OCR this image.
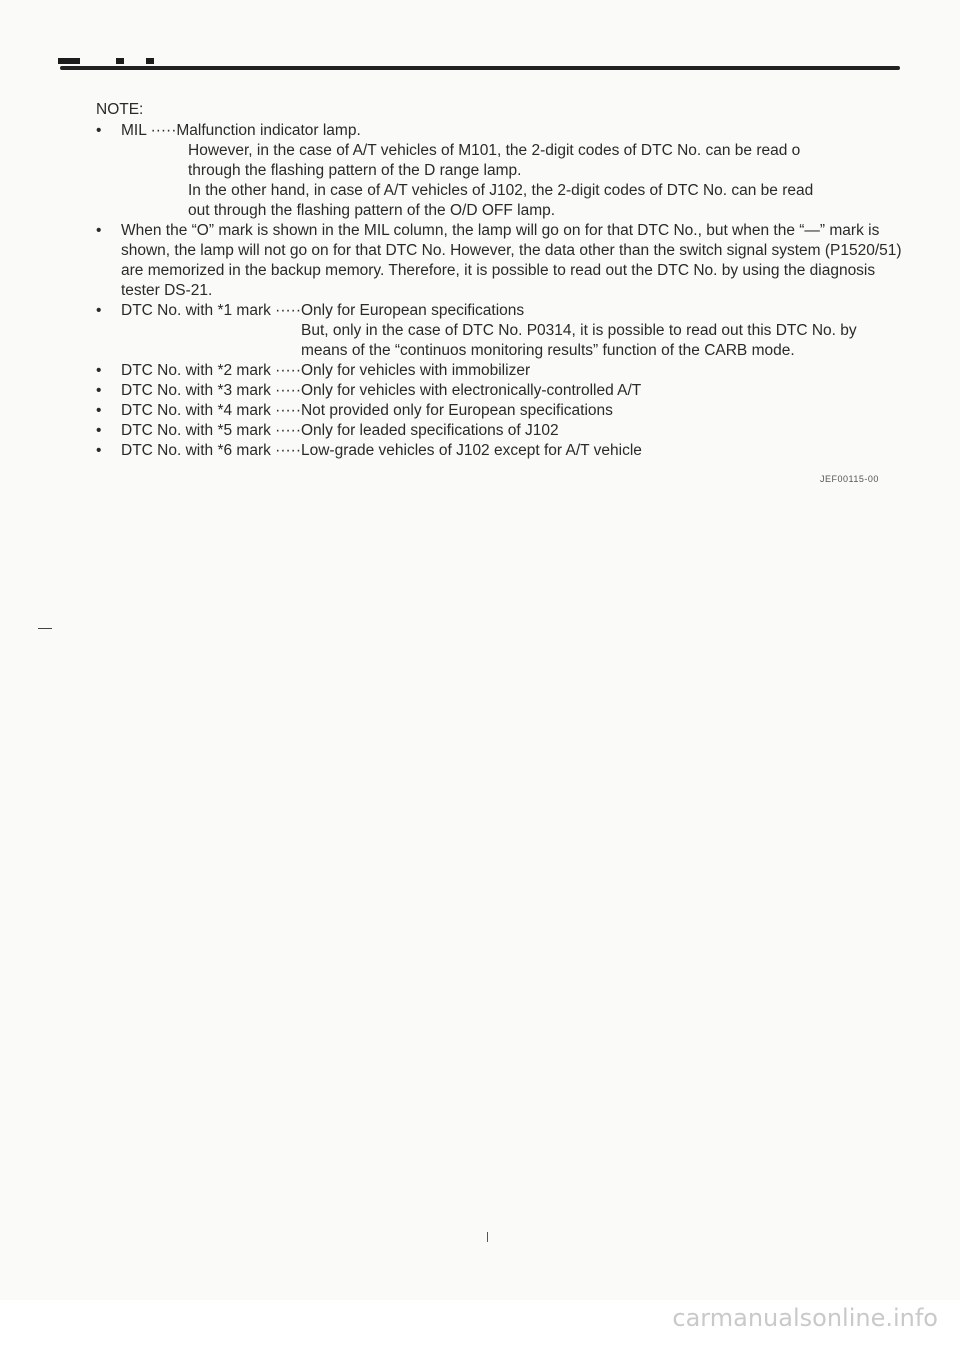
NOTE:

•	MIL ····· Malfunction indicator lamp.

However, in the case of A/T vehicles of M101, the 2-digit codes of DTC No. can be read o

through the flashing pattern of the D range lamp.

In the other hand, in case of A/T vehicles of J102, the 2-digit codes of DTC No. can be read

out through the flashing pattern of the O/D OFF lamp.

•	When the “O” mark is shown in the MIL column, the lamp will go on for that DTC No., but when the “—” mark is shown, the lamp will not go on for that DTC No. However, the data other than the switch signal system (P1520/51) are memorized in the backup memory. Therefore, it is possible to read out the DTC No. by using the diagnosis tester DS-21.

•	DTC No. with *1 mark ····· Only for European specifications

But, only in the case of DTC No. P0314, it is possible to read out this DTC No. by means of the “continuos monitoring results” function of the CARB mode.

•	DTC No. with *2 mark ····· Only for vehicles with immobilizer
•	DTC No. with *3 mark ····· Only for vehicles with electronically-controlled A/T
•	DTC No. with *4 mark ····· Not provided only for European specifications
•	DTC No. with *5 mark ····· Only for leaded specifications of J102
•	DTC No. with *6 mark ····· Low-grade vehicles of J102 except for A/T vehicle
JEF00115-00
carmanualsonline.info
